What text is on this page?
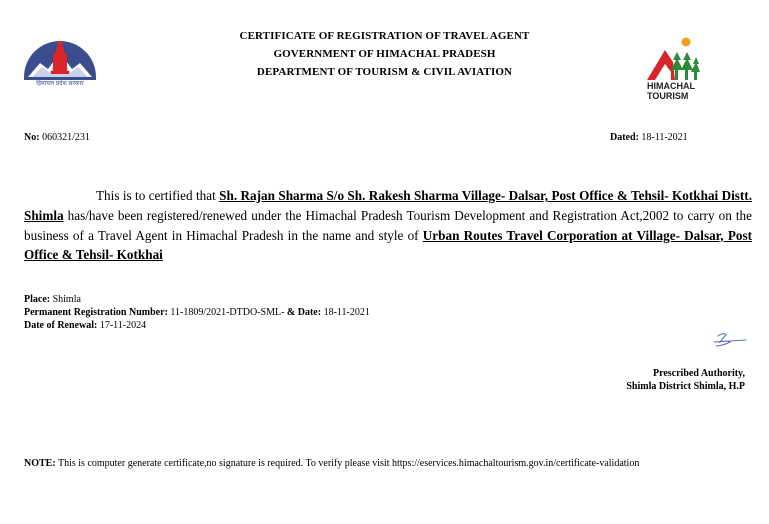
हिमाचल प्रदेश सरकार
CERTIFICATE OF REGISTRATION OF TRAVEL AGENT
GOVERNMENT OF HIMACHAL PRADESH
DEPARTMENT OF TOURISM & CIVIL AVIATION
HIMACHAL
TOURISM
No: 060321/231	Dated: 18-11-2021
This is to certified that Sh. Rajan Sharma S/o Sh. Rakesh Sharma Village- Dalsar, Post Office & Tehsil- Kotkhai Distt. Shimla has/have been registered/renewed under the Himachal Pradesh Tourism Development and Registration Act,2002 to carry on the business of a Travel Agent in Himachal Pradesh in the name and style of Urban Routes Travel Corporation at Village- Dalsar, Post Office & Tehsil- Kotkhai
Place: Shimla
Permanent Registration Number: 11-1809/2021-DTDO-SML- & Date: 18-11-2021
Date of Renewal: 17-11-2024
Prescribed Authority,
Shimla District Shimla, H.P
NOTE: This is computer generate certificate,no signature is required. To verify please visit https://eservices.himachaltourism.gov.in/certificate-validation
